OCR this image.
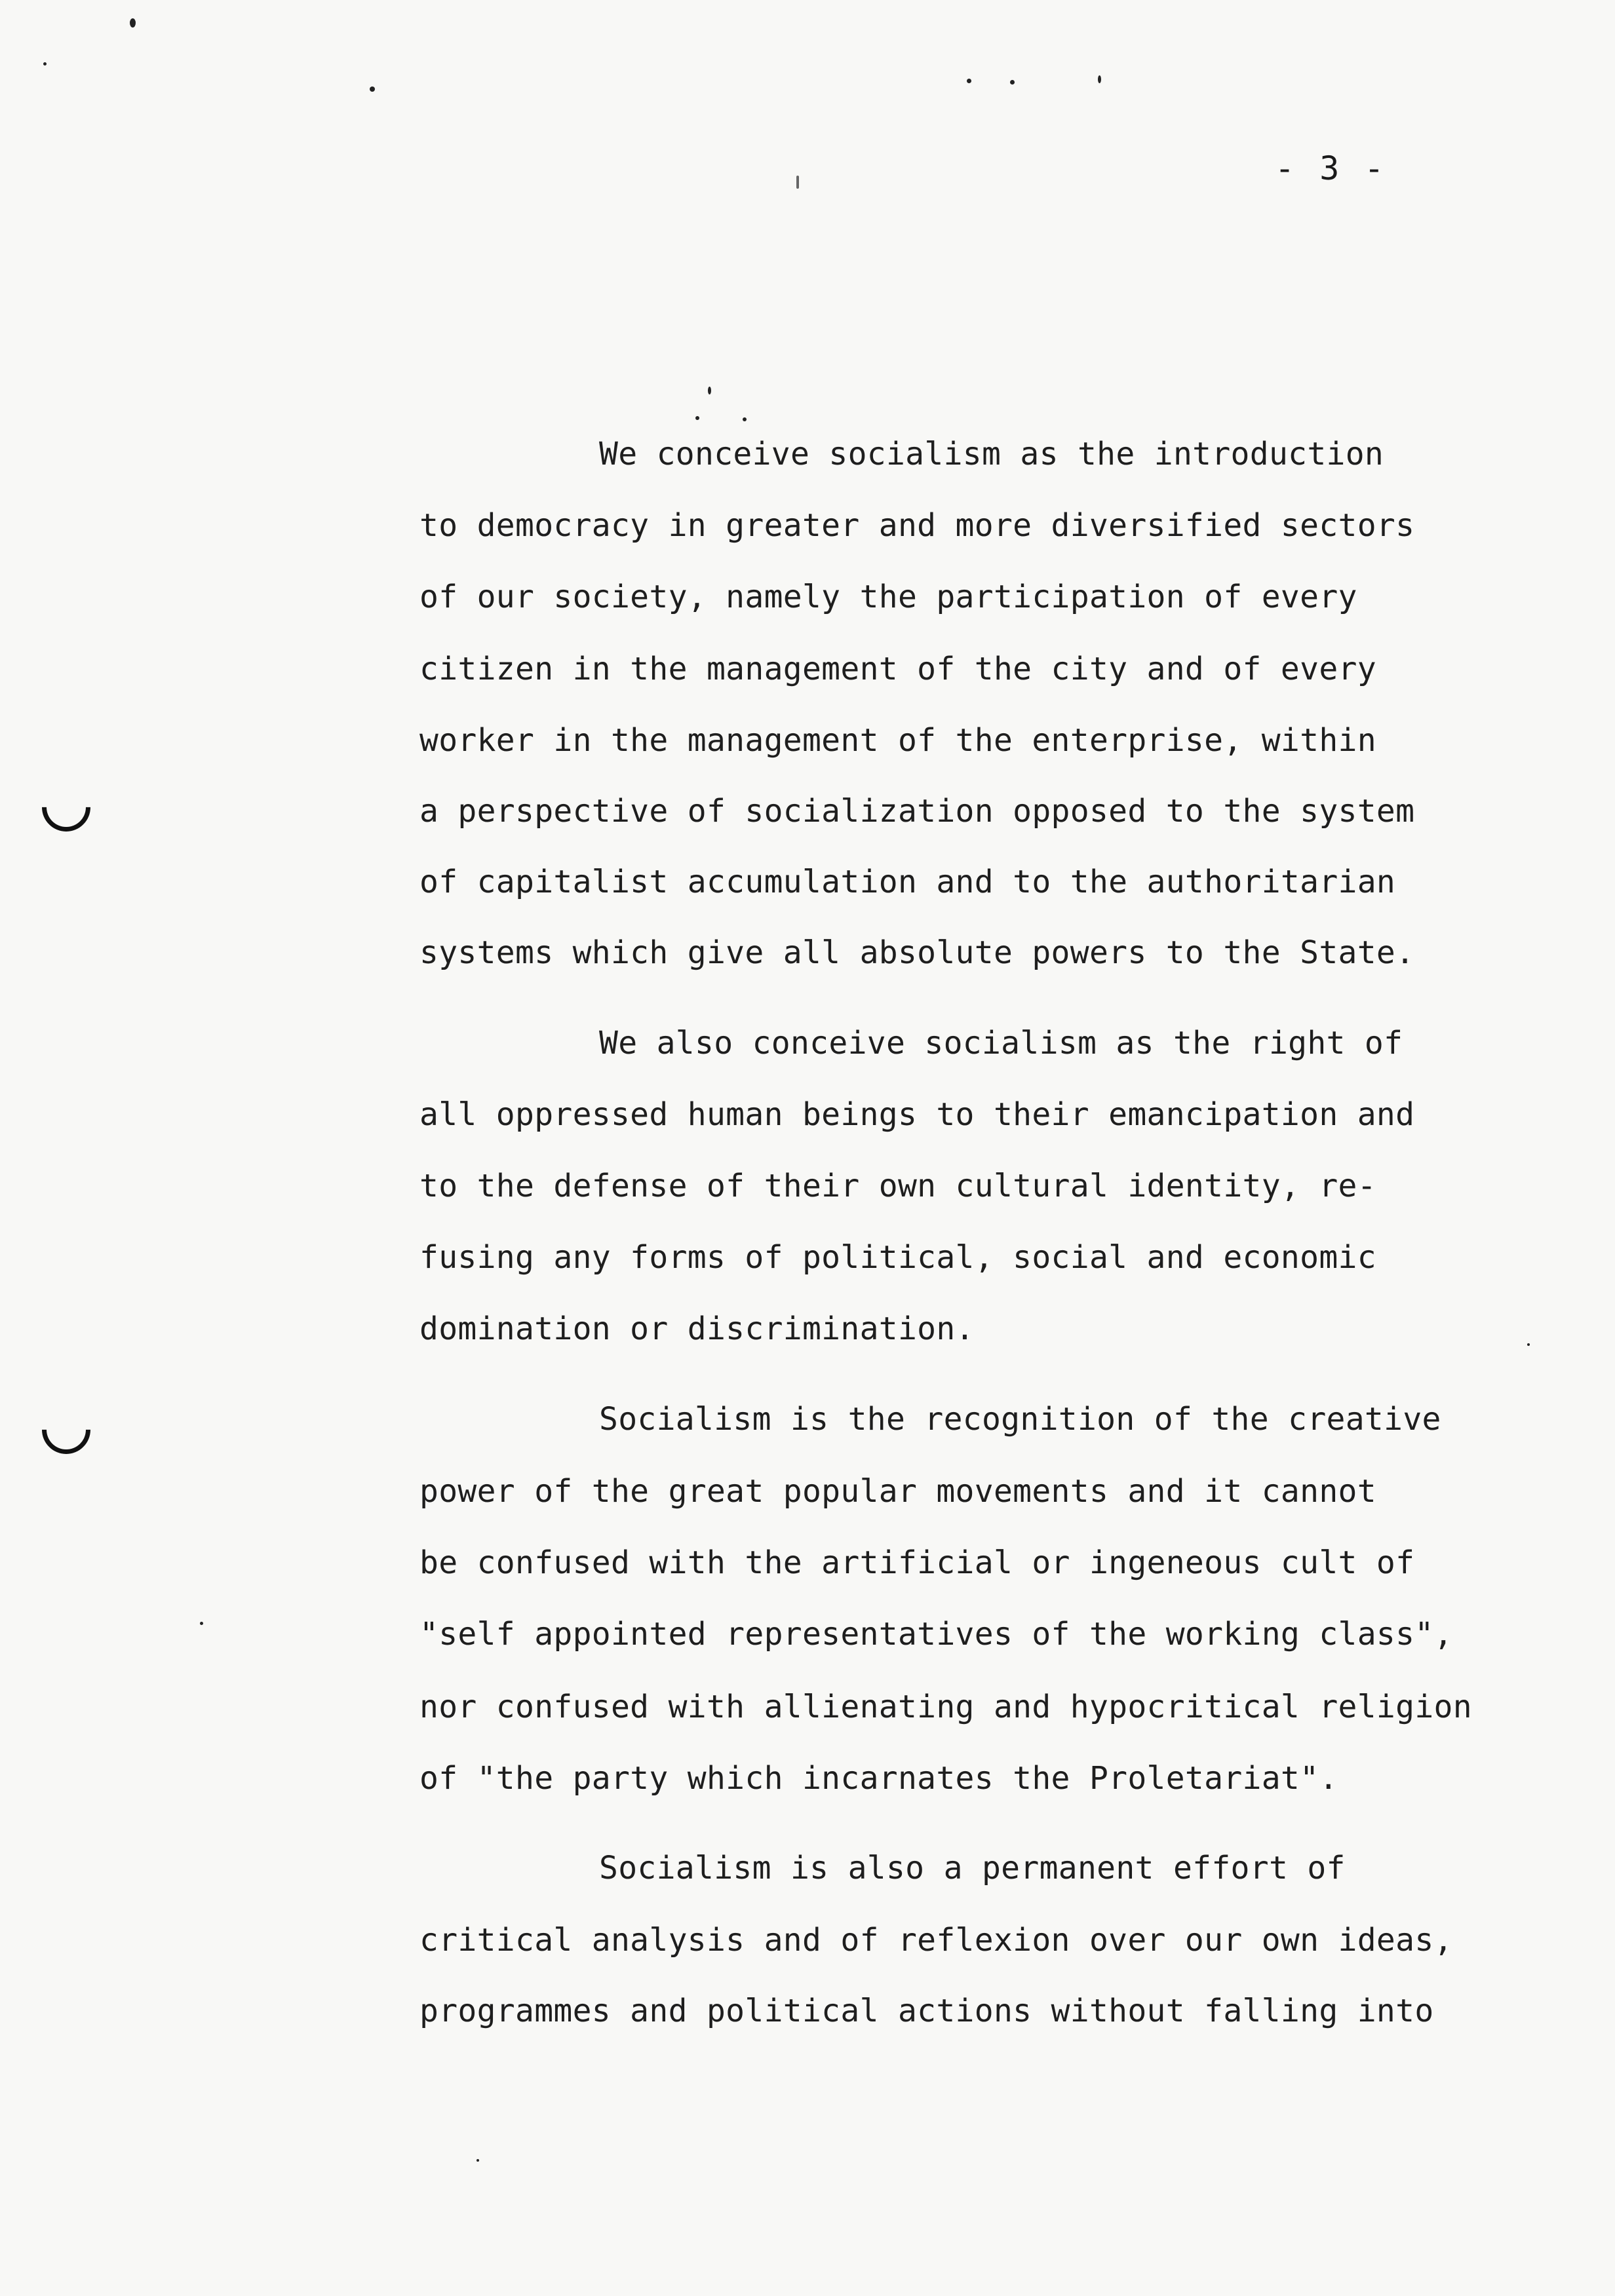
- 3 -
We conceive socialism as the introduction
to democracy in greater and more diversified sectors
of our society, namely the participation of every
citizen in the management of the city and of every
worker in the management of the enterprise, within
a perspective of socialization opposed to the system
of capitalist accumulation and to the authoritarian
systems which give all absolute powers to the State.
We also conceive socialism as the right of
all oppressed human beings to their emancipation and
to the defense of their own cultural identity, re-
fusing any forms of political, social and economic
domination or discrimination.
Socialism is the recognition of the creative
power of the great popular movements and it cannot
be confused with the artificial or ingeneous cult of
"self appointed representatives of the working class",
nor confused with allienating and hypocritical religion
of "the party which incarnates the Proletariat".
Socialism is also a permanent effort of
critical analysis and of reflexion over our own ideas,
programmes and political actions without falling into
